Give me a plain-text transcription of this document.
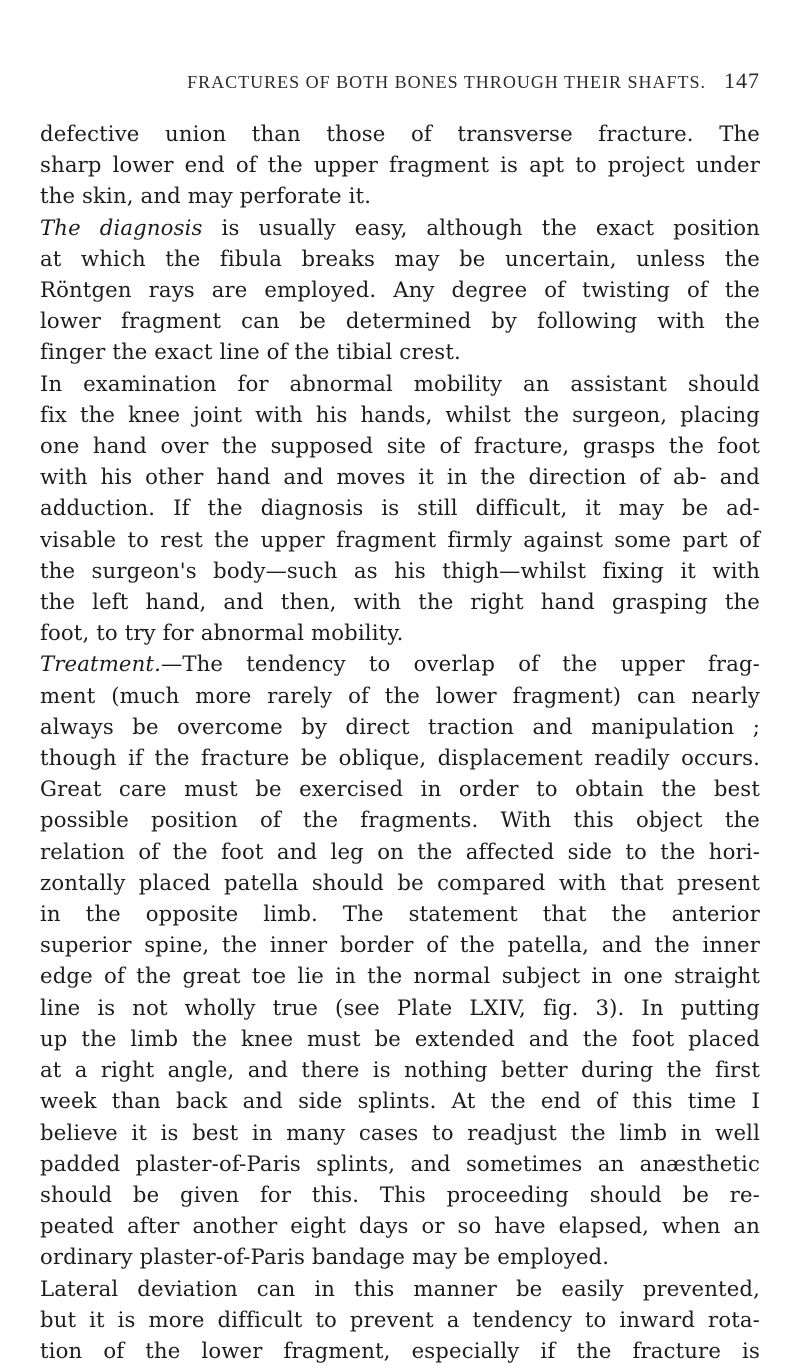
FRACTURES OF BOTH BONES THROUGH THEIR SHAFTS. 147
defective union than those of transverse fracture. The
sharp lower end of the upper fragment is apt to project under
the skin, and may perforate it.
The diagnosis is usually easy, although the exact position
at which the fibula breaks may be uncertain, unless the
Röntgen rays are employed. Any degree of twisting of the
lower fragment can be determined by following with the
finger the exact line of the tibial crest.
In examination for abnormal mobility an assistant should
fix the knee joint with his hands, whilst the surgeon, placing
one hand over the supposed site of fracture, grasps the foot
with his other hand and moves it in the direction of ab- and
adduction. If the diagnosis is still difficult, it may be ad-
visable to rest the upper fragment firmly against some part of
the surgeon's body—such as his thigh—whilst fixing it with
the left hand, and then, with the right hand grasping the
foot, to try for abnormal mobility.
Treatment.—The tendency to overlap of the upper frag-
ment (much more rarely of the lower fragment) can nearly
always be overcome by direct traction and manipulation ;
though if the fracture be oblique, displacement readily occurs.
Great care must be exercised in order to obtain the best
possible position of the fragments. With this object the
relation of the foot and leg on the affected side to the hori-
zontally placed patella should be compared with that present
in the opposite limb. The statement that the anterior
superior spine, the inner border of the patella, and the inner
edge of the great toe lie in the normal subject in one straight
line is not wholly true (see Plate LXIV, fig. 3). In putting
up the limb the knee must be extended and the foot placed
at a right angle, and there is nothing better during the first
week than back and side splints. At the end of this time I
believe it is best in many cases to readjust the limb in well
padded plaster-of-Paris splints, and sometimes an anæsthetic
should be given for this. This proceeding should be re-
peated after another eight days or so have elapsed, when an
ordinary plaster-of-Paris bandage may be employed.
Lateral deviation can in this manner be easily prevented,
but it is more difficult to prevent a tendency to inward rota-
tion of the lower fragment, especially if the fracture is
